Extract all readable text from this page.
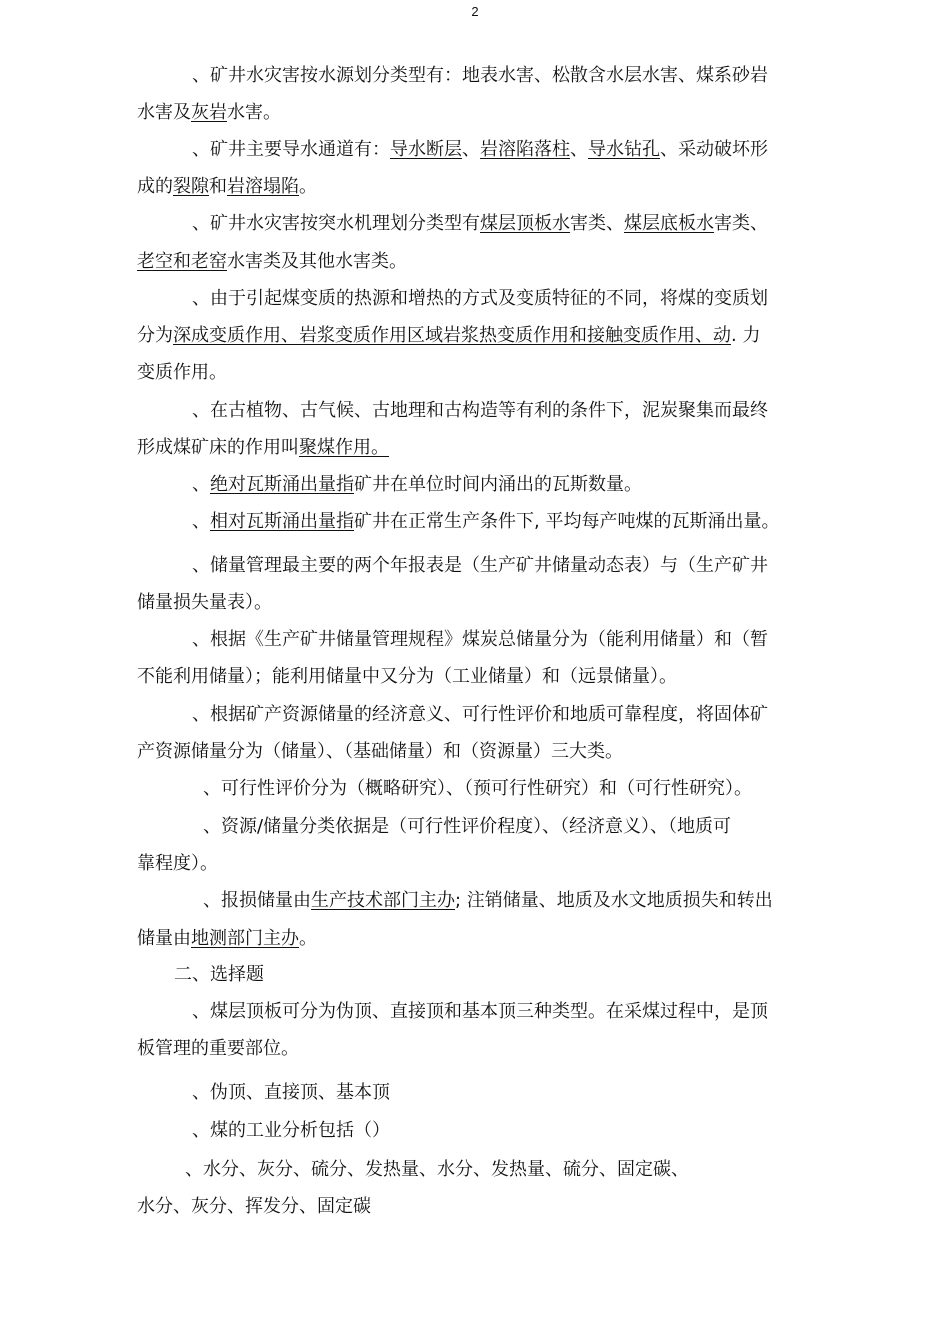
2
、矿井水灾害按水源划分类型有：地表水害、松散含水层水害、煤系砂岩
水害及灰岩水害。
、矿井主要导水通道有：导水断层、岩溶陷落柱、导水钻孔、采动破坏形
成的裂隙和岩溶塌陷。
、矿井水灾害按突水机理划分类型有煤层顶板水害类、煤层底板水害类、
老空和老窑水害类及其他水害类。
、由于引起煤变质的热源和增热的方式及变质特征的不同，将煤的变质划
分为深成变质作用、岩浆变质作用区域岩浆热变质作用和接触变质作用、动. 力
变质作用。
、在古植物、古气候、古地理和古构造等有利的条件下，泥炭聚集而最终
形成煤矿床的作用叫聚煤作用。
、绝对瓦斯涌出量指矿井在单位时间内涌出的瓦斯数量。
、相对瓦斯涌出量指矿井在正常生产条件下, 平均每产吨煤的瓦斯涌出量。
、储量管理最主要的两个年报表是（生产矿井储量动态表）与（生产矿井
储量损失量表）。
、根据《生产矿井储量管理规程》煤炭总储量分为（能利用储量）和（暂
不能利用储量）；能利用储量中又分为（工业储量）和（远景储量）。
、根据矿产资源储量的经济意义、可行性评价和地质可靠程度，将固体矿
产资源储量分为（储量）、（基础储量）和（资源量）三大类。
、可行性评价分为（概略研究）、（预可行性研究）和（可行性研究）。
、资源/储量分类依据是（可行性评价程度）、（经济意义）、（地质可
靠程度）。
、报损储量由生产技术部门主办; 注销储量、地质及水文地质损失和转出
储量由地测部门主办。
二、选择题
、煤层顶板可分为伪顶、直接顶和基本顶三种类型。在采煤过程中，是顶
板管理的重要部位。
、伪顶、直接顶、基本顶
、煤的工业分析包括（）
、水分、灰分、硫分、发热量、水分、发热量、硫分、固定碳、
水分、灰分、挥发分、固定碳
